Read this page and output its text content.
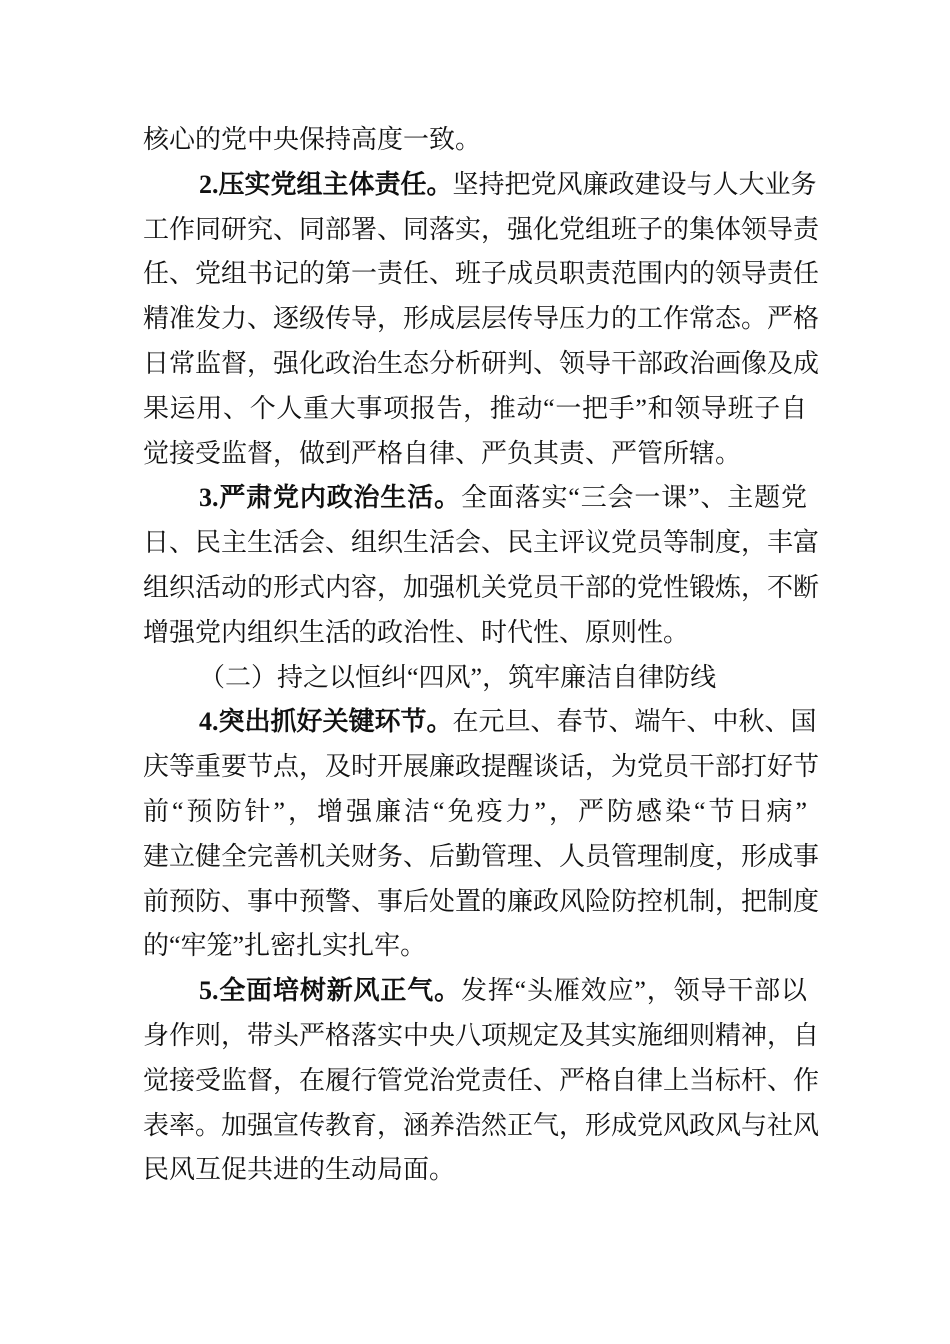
核心的党中央保持高度一致。
2.压实党组主体责任。坚持把党风廉政建设与人大业务
工作同研究、同部署、同落实，强化党组班子的集体领导责
任、党组书记的第一责任、班子成员职责范围内的领导责任
精准发力、逐级传导，形成层层传导压力的工作常态。严格
日常监督，强化政治生态分析研判、领导干部政治画像及成
果运用、个人重大事项报告，推动“一把手”和领导班子自
觉接受监督，做到严格自律、严负其责、严管所辖。
3.严肃党内政治生活。全面落实“三会一课”、主题党
日、民主生活会、组织生活会、民主评议党员等制度，丰富
组织活动的形式内容，加强机关党员干部的党性锻炼，不断
增强党内组织生活的政治性、时代性、原则性。
（二）持之以恒纠“四风”，筑牢廉洁自律防线
4.突出抓好关键环节。在元旦、春节、端午、中秋、国
庆等重要节点，及时开展廉政提醒谈话，为党员干部打好节
前“预防针”，增强廉洁“免疫力”，严防感染“节日病”
建立健全完善机关财务、后勤管理、人员管理制度，形成事
前预防、事中预警、事后处置的廉政风险防控机制，把制度
的“牢笼”扎密扎实扎牢。
5.全面培树新风正气。发挥“头雁效应”，领导干部以
身作则，带头严格落实中央八项规定及其实施细则精神，自
觉接受监督，在履行管党治党责任、严格自律上当标杆、作
表率。加强宣传教育，涵养浩然正气，形成党风政风与社风
民风互促共进的生动局面。
